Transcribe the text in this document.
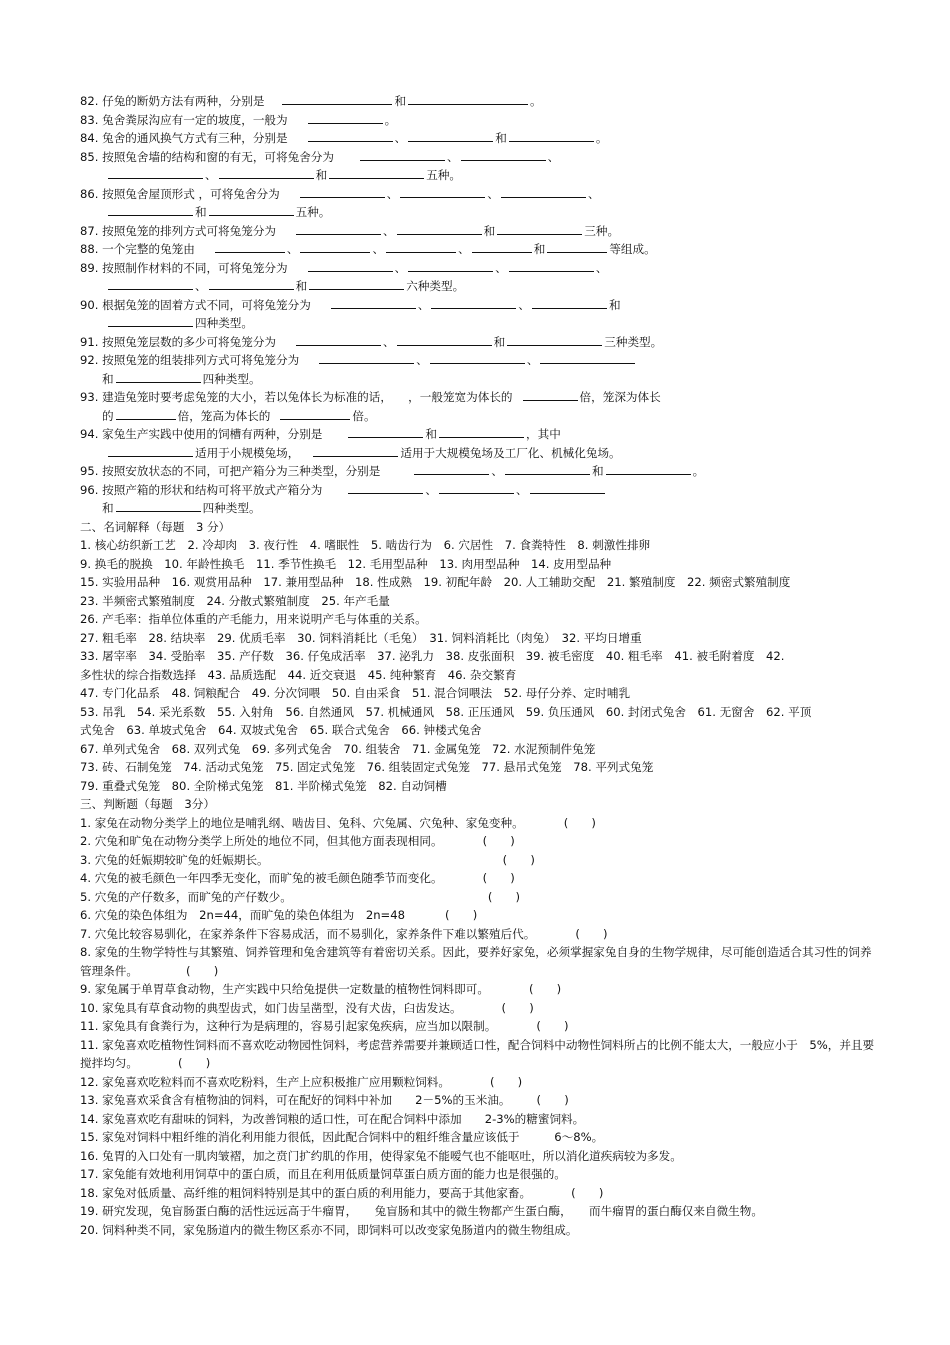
82. 仔兔的断奶方法有两种，分别是	和	。
83. 兔舍粪尿沟应有一定的坡度，一般为	。
84. 兔舍的通风换气方式有三种，分别是	、	和	。
85. 按照兔舍墙的结构和窗的有无，可将兔舍分为	、	、
、	和	五种。
86. 按照兔舍屋顶形式 ，可将兔舍分为	、	、	、
和	五种。
87. 按照兔笼的排列方式可将兔笼分为	、	和	三种。
88. 一个完整的兔笼由	、	、	、	和	等组成。
89. 按照制作材料的不同，可将兔笼分为	、	、	、
、	和	六种类型。
90. 根据兔笼的固着方式不同，可将兔笼分为	、	、	和
四种类型。
91. 按照兔笼层数的多少可将兔笼分为	、	和	三种类型。
92. 按照兔笼的组装排列方式可将兔笼分为	、	、
和	四种类型。
93. 建造兔笼时要考虑兔笼的大小，若以兔体长为标准的话， ，一般笼宽为体长的	倍，笼深为体长
的	倍，笼高为体长的	倍。
94. 家兔生产实践中使用的饲槽有两种，分别是	和	，其中
适用于小规模兔场，	适用于大规模兔场及工厂化、机械化兔场。
95. 按照安放状态的不同，可把产箱分为三种类型，分别是	、	和	。
96. 按照产箱的形状和结构可将平放式产箱分为	、	、
和	四种类型。
二、名词解释（每题　3 分）
1. 核心纺织新工艺　2. 冷却肉　3. 夜行性　4. 嗜眠性　5. 啮齿行为　6. 穴居性　7. 食粪特性　8. 刺激性排卵
9. 换毛的脱换　10. 年龄性换毛　11. 季节性换毛　12. 毛用型品种　13. 肉用型品种　14. 皮用型品种
15. 实验用品种　16. 观赏用品种　17. 兼用型品种　18. 性成熟　19. 初配年龄　20. 人工辅助交配　21. 繁殖制度　22. 频密式繁殖制度
23. 半频密式繁殖制度　24. 分散式繁殖制度　25. 年产毛量
26. 产毛率：指单位体重的产毛能力，用来说明产毛与体重的关系。
27. 粗毛率　28. 结块率　29. 优质毛率　30. 饲料消耗比（毛兔）　31. 饲料消耗比（肉兔）　32. 平均日增重
33. 屠宰率　34. 受胎率　35. 产仔数　36. 仔兔成活率　37. 泌乳力　38. 皮张面积　39. 被毛密度　40. 粗毛率　41. 被毛附着度　42.
多性状的综合指数选择　43. 品质选配　44. 近交衰退　45. 纯种繁育　46. 杂交繁育
47. 专门化品系　48. 饲粮配合　49. 分次饲喂　50. 自由采食　51. 混合饲喂法　52. 母仔分养、定时哺乳
53. 吊乳　54. 采光系数　55. 入射角　56. 自然通风　57. 机械通风　58. 正压通风　59. 负压通风　60. 封闭式兔舍　61. 无窗舍　62. 平顶
式兔舍　63. 单坡式兔舍　64. 双坡式兔舍　65. 联合式兔舍　66. 钟楼式兔舍
67. 单列式兔舍　68. 双列式兔　69. 多列式兔舍　70. 组装舍　71. 金属兔笼　72. 水泥预制件兔笼
73. 砖、石制兔笼　74. 活动式兔笼　75. 固定式兔笼　76. 组装固定式兔笼　77. 悬吊式兔笼　78. 平列式兔笼
79. 重叠式兔笼　80. 全阶梯式兔笼　81. 半阶梯式兔笼　82. 自动饲槽
三、判断题（每题　3分）
1. 家兔在动物分类学上的地位是哺乳纲、啮齿目、兔科、穴兔属、穴兔种、家兔变种。	(　　)
2. 穴兔和旷兔在动物分类学上所处的地位不同，但其他方面表现相同。	(　　)
3. 穴兔的妊娠期较旷兔的妊娠期长。	(　　)
4. 穴兔的被毛颜色一年四季无变化，而旷兔的被毛颜色随季节而变化。	(　　)
5. 穴兔的产仔数多，而旷兔的产仔数少。	(　　)
6. 穴兔的染色体组为　2n=44，而旷兔的染色体组为　2n=48	(　　)
7. 穴兔比较容易驯化，在家养条件下容易成活，而不易驯化，家养条件下难以繁殖后代。	(　　)
8. 家兔的生物学特性与其繁殖、饲养管理和兔舍建筑等有着密切关系。因此，要养好家兔，必须掌握家兔自身的生物学规律，尽可能创造适合其习性的饲养管理条件。	(　　)
9. 家兔属于单胃草食动物，生产实践中只给兔提供一定数量的植物性饲料即可。	(　　)
10. 家兔具有草食动物的典型齿式，如门齿呈凿型，没有犬齿，臼齿发达。	(　　)
11. 家兔具有食粪行为，这种行为是病理的，容易引起家兔疾病，应当加以限制。	(　　)
11. 家兔喜欢吃植物性饲料而不喜欢吃动物园性饲料，考虑营养需要并兼顾适口性，配合饲料中动物性饲料所占的比例不能太大，一般应小于　5%，并且要搅拌均匀。	(　　)
12. 家兔喜欢吃粒料而不喜欢吃粉料，生产上应积极推广应用颗粒饲料。	(　　)
13. 家兔喜欢采食含有植物油的饲料，可在配好的饲料中补加　　2－5%的玉米油。 (　　)
14. 家兔喜欢吃有甜味的饲料，为改善饲粮的适口性，可在配合饲料中添加　　2-3%的糖蜜饲料。
15. 家兔对饲料中粗纤维的消化利用能力很低，因此配合饲料中的粗纤维含量应该低于　　　6～8%。
16. 兔胃的入口处有一肌肉皱褶，加之贲门扩约肌的作用，使得家兔不能嗳气也不能呕吐，所以消化道疾病较为多发。
17. 家兔能有效地利用饲草中的蛋白质，而且在利用低质量饲草蛋白质方面的能力也是很强的。
18. 家兔对低质量、高纤维的粗饲料特别是其中的蛋白质的利用能力，要高于其他家畜。	(　　)
19. 研究发现，兔盲肠蛋白酶的活性远远高于牛瘤胃，　　兔盲肠和其中的微生物都产生蛋白酶，　　而牛瘤胃的蛋白酶仅来自微生物。
20. 饲料种类不同，家兔肠道内的微生物区系亦不同，即饲料可以改变家兔肠道内的微生物组成。
